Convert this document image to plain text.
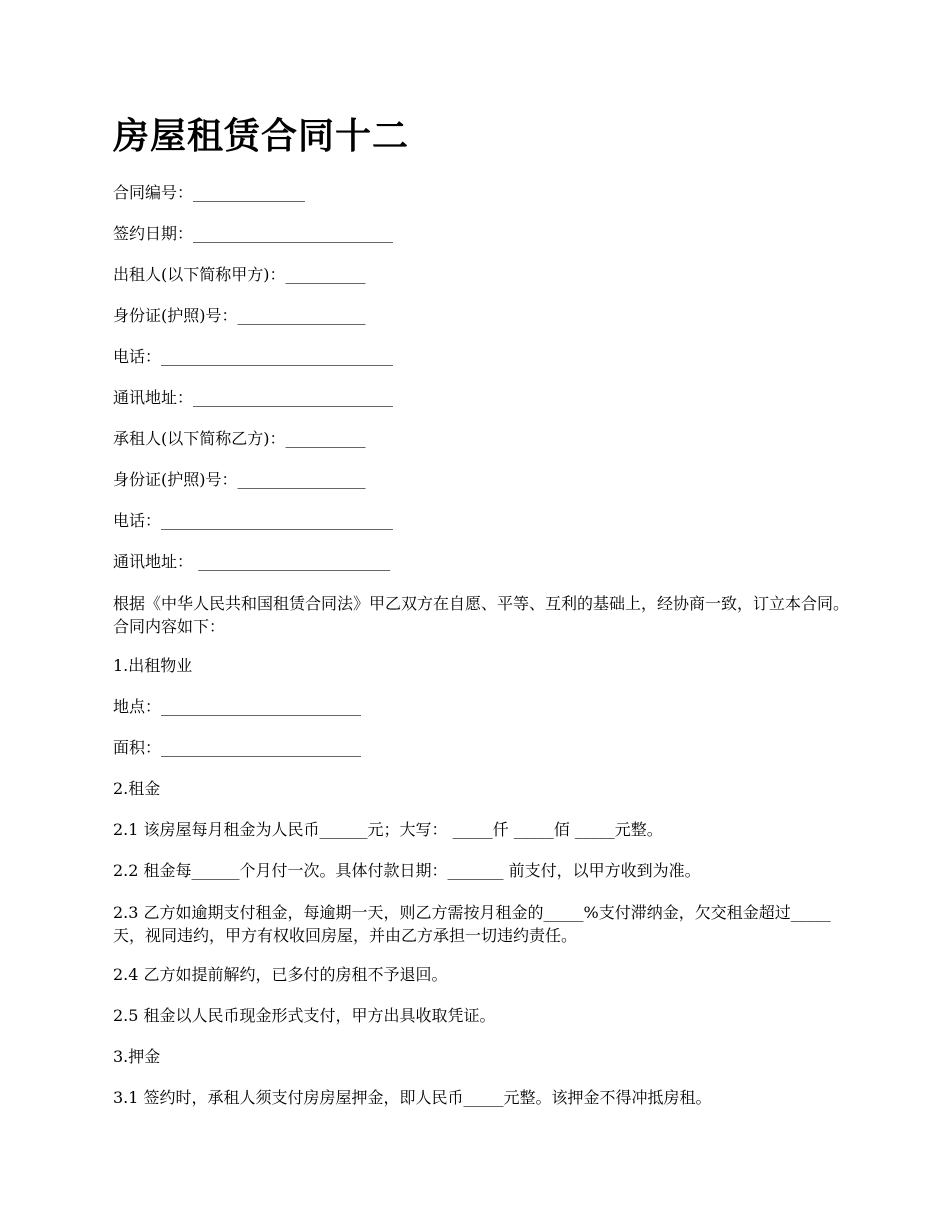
房屋租赁合同十二

合同编号：______________

签约日期：_________________________

出租人(以下简称甲方)：__________

身份证(护照)号：________________

电话：_____________________________

通讯地址：_________________________

承租人(以下简称乙方)：__________

身份证(护照)号：________________

电话：_____________________________

通讯地址： ________________________

根据《中华人民共和国租赁合同法》甲乙双方在自愿、平等、互利的基础上，经协商一致，订立本合同。合同内容如下：

1.出租物业

地点：_________________________

面积：_________________________

2.租金

2.1 该房屋每月租金为人民币______元；大写： _____仟 _____佰 _____元整。

2.2 租金每______个月付一次。具体付款日期：_______ 前支付，以甲方收到为准。

2.3 乙方如逾期支付租金，每逾期一天，则乙方需按月租金的_____%支付滞纳金，欠交租金超过_____天，视同违约，甲方有权收回房屋，并由乙方承担一切违约责任。

2.4 乙方如提前解约，已多付的房租不予退回。

2.5 租金以人民币现金形式支付，甲方出具收取凭证。

3.押金

3.1 签约时，承租人须支付房房屋押金，即人民币_____元整。该押金不得冲抵房租。
